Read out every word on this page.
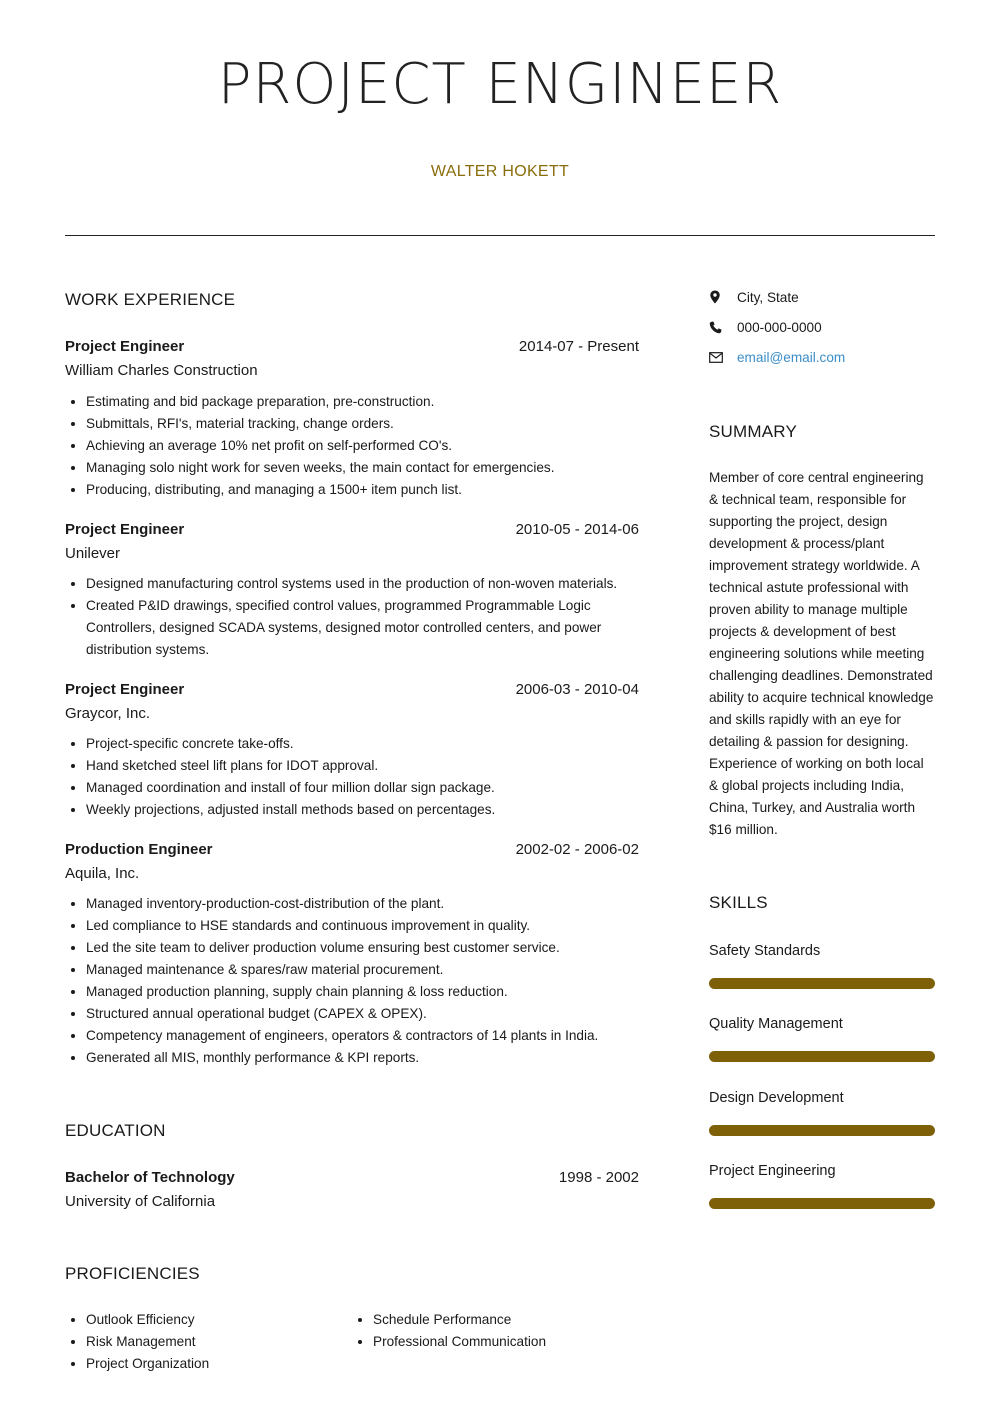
PROJECT ENGINEER
WALTER HOKETT
WORK EXPERIENCE
Project Engineer	2014-07 - Present
William Charles Construction
Estimating and bid package preparation, pre-construction.
Submittals, RFI's, material tracking, change orders.
Achieving an average 10% net profit on self-performed CO's.
Managing solo night work for seven weeks, the main contact for emergencies.
Producing, distributing, and managing a 1500+ item punch list.
Project Engineer	2010-05 - 2014-06
Unilever
Designed manufacturing control systems used in the production of non-woven materials.
Created P&ID drawings, specified control values, programmed Programmable Logic Controllers, designed SCADA systems, designed motor controlled centers, and power distribution systems.
Project Engineer	2006-03 - 2010-04
Graycor, Inc.
Project-specific concrete take-offs.
Hand sketched steel lift plans for IDOT approval.
Managed coordination and install of four million dollar sign package.
Weekly projections, adjusted install methods based on percentages.
Production Engineer	2002-02 - 2006-02
Aquila, Inc.
Managed inventory-production-cost-distribution of the plant.
Led compliance to HSE standards and continuous improvement in quality.
Led the site team to deliver production volume ensuring best customer service.
Managed maintenance & spares/raw material procurement.
Managed production planning, supply chain planning & loss reduction.
Structured annual operational budget (CAPEX & OPEX).
Competency management of engineers, operators & contractors of 14 plants in India.
Generated all MIS, monthly performance & KPI reports.
EDUCATION
Bachelor of Technology	1998 - 2002
University of California
PROFICIENCIES
Outlook Efficiency
Risk Management
Project Organization
Schedule Performance
Professional Communication
City, State
000-000-0000
email@email.com
SUMMARY
Member of core central engineering & technical team, responsible for supporting the project, design development & process/plant improvement strategy worldwide. A technical astute professional with proven ability to manage multiple projects & development of best engineering solutions while meeting challenging deadlines. Demonstrated ability to acquire technical knowledge and skills rapidly with an eye for detailing & passion for designing. Experience of working on both local & global projects including India, China, Turkey, and Australia worth $16 million.
SKILLS
Safety Standards
Quality Management
Design Development
Project Engineering
